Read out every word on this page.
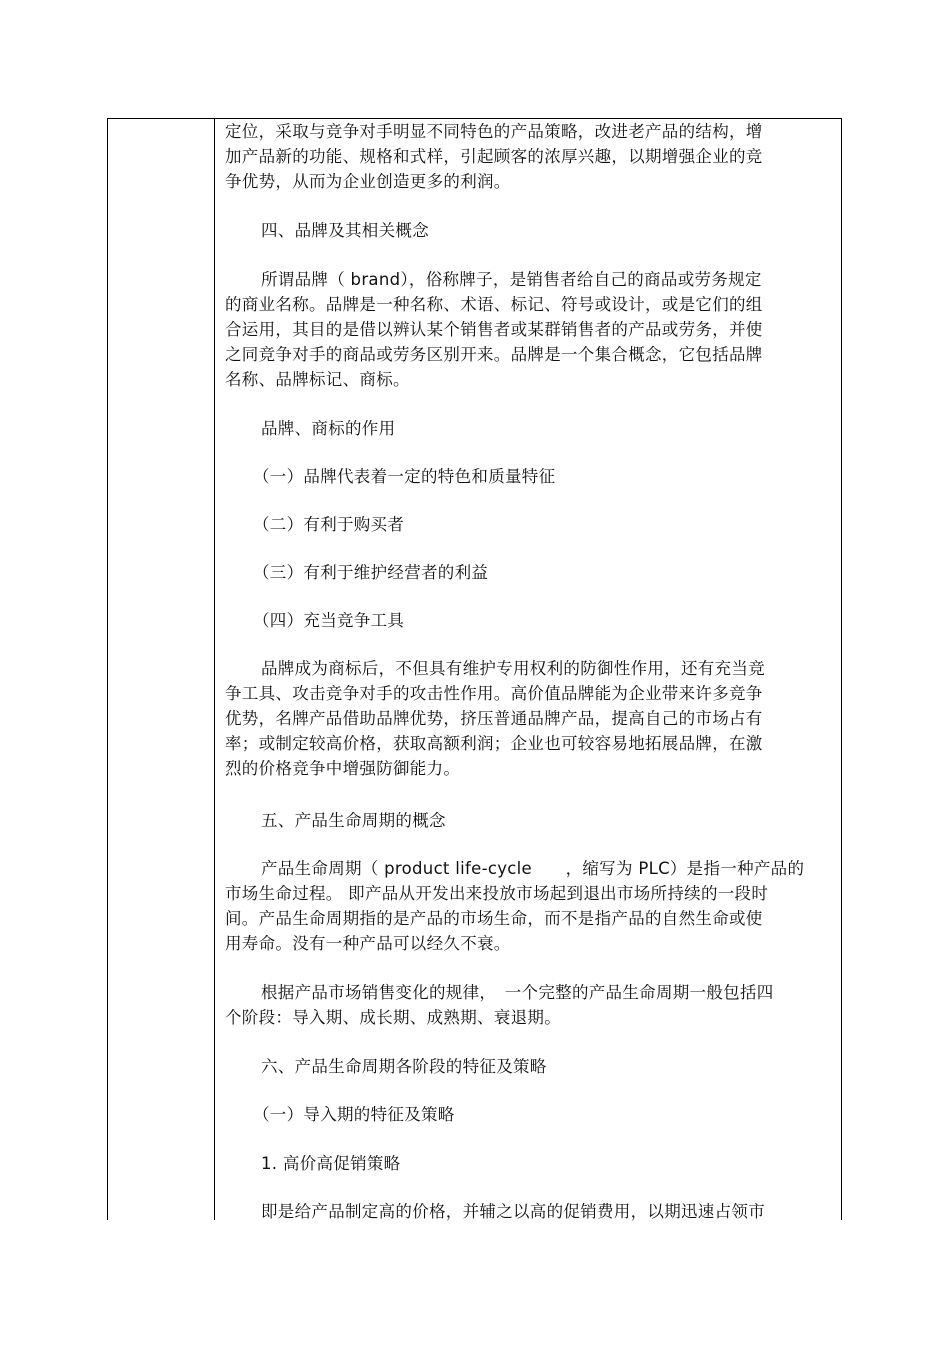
定位，采取与竞争对手明显不同特色的产品策略，改进老产品的结构，增
加产品新的功能、规格和式样，引起顾客的浓厚兴趣，以期增强企业的竞
争优势，从而为企业创造更多的利润。
四、品牌及其相关概念
所谓品牌（ brand），俗称牌子，是销售者给自己的商品或劳务规定
的商业名称。品牌是一种名称、术语、标记、符号或设计，或是它们的组
合运用，其目的是借以辨认某个销售者或某群销售者的产品或劳务，并使
之同竞争对手的商品或劳务区别开来。品牌是一个集合概念，它包括品牌
名称、品牌标记、商标。
品牌、商标的作用
（一）品牌代表着一定的特色和质量特征
（二）有利于购买者
（三）有利于维护经营者的利益
（四）充当竞争工具
品牌成为商标后，不但具有维护专用权利的防御性作用，还有充当竞
争工具、攻击竞争对手的攻击性作用。高价值品牌能为企业带来许多竞争
优势，名牌产品借助品牌优势，挤压普通品牌产品，提高自己的市场占有
率；或制定较高价格，获取高额利润；企业也可较容易地拓展品牌，在激
烈的价格竞争中增强防御能力。
五、产品生命周期的概念
产品生命周期（ product life-cycle　　，缩写为 PLC）是指一种产品的
市场生命过程。 即产品从开发出来投放市场起到退出市场所持续的一段时
间。产品生命周期指的是产品的市场生命，而不是指产品的自然生命或使
用寿命。没有一种产品可以经久不衰。
根据产品市场销售变化的规律，　一个完整的产品生命周期一般包括四
个阶段：导入期、成长期、成熟期、衰退期。
六、产品生命周期各阶段的特征及策略
（一）导入期的特征及策略
1. 高价高促销策略
即是给产品制定高的价格，并辅之以高的促销费用，以期迅速占领市
